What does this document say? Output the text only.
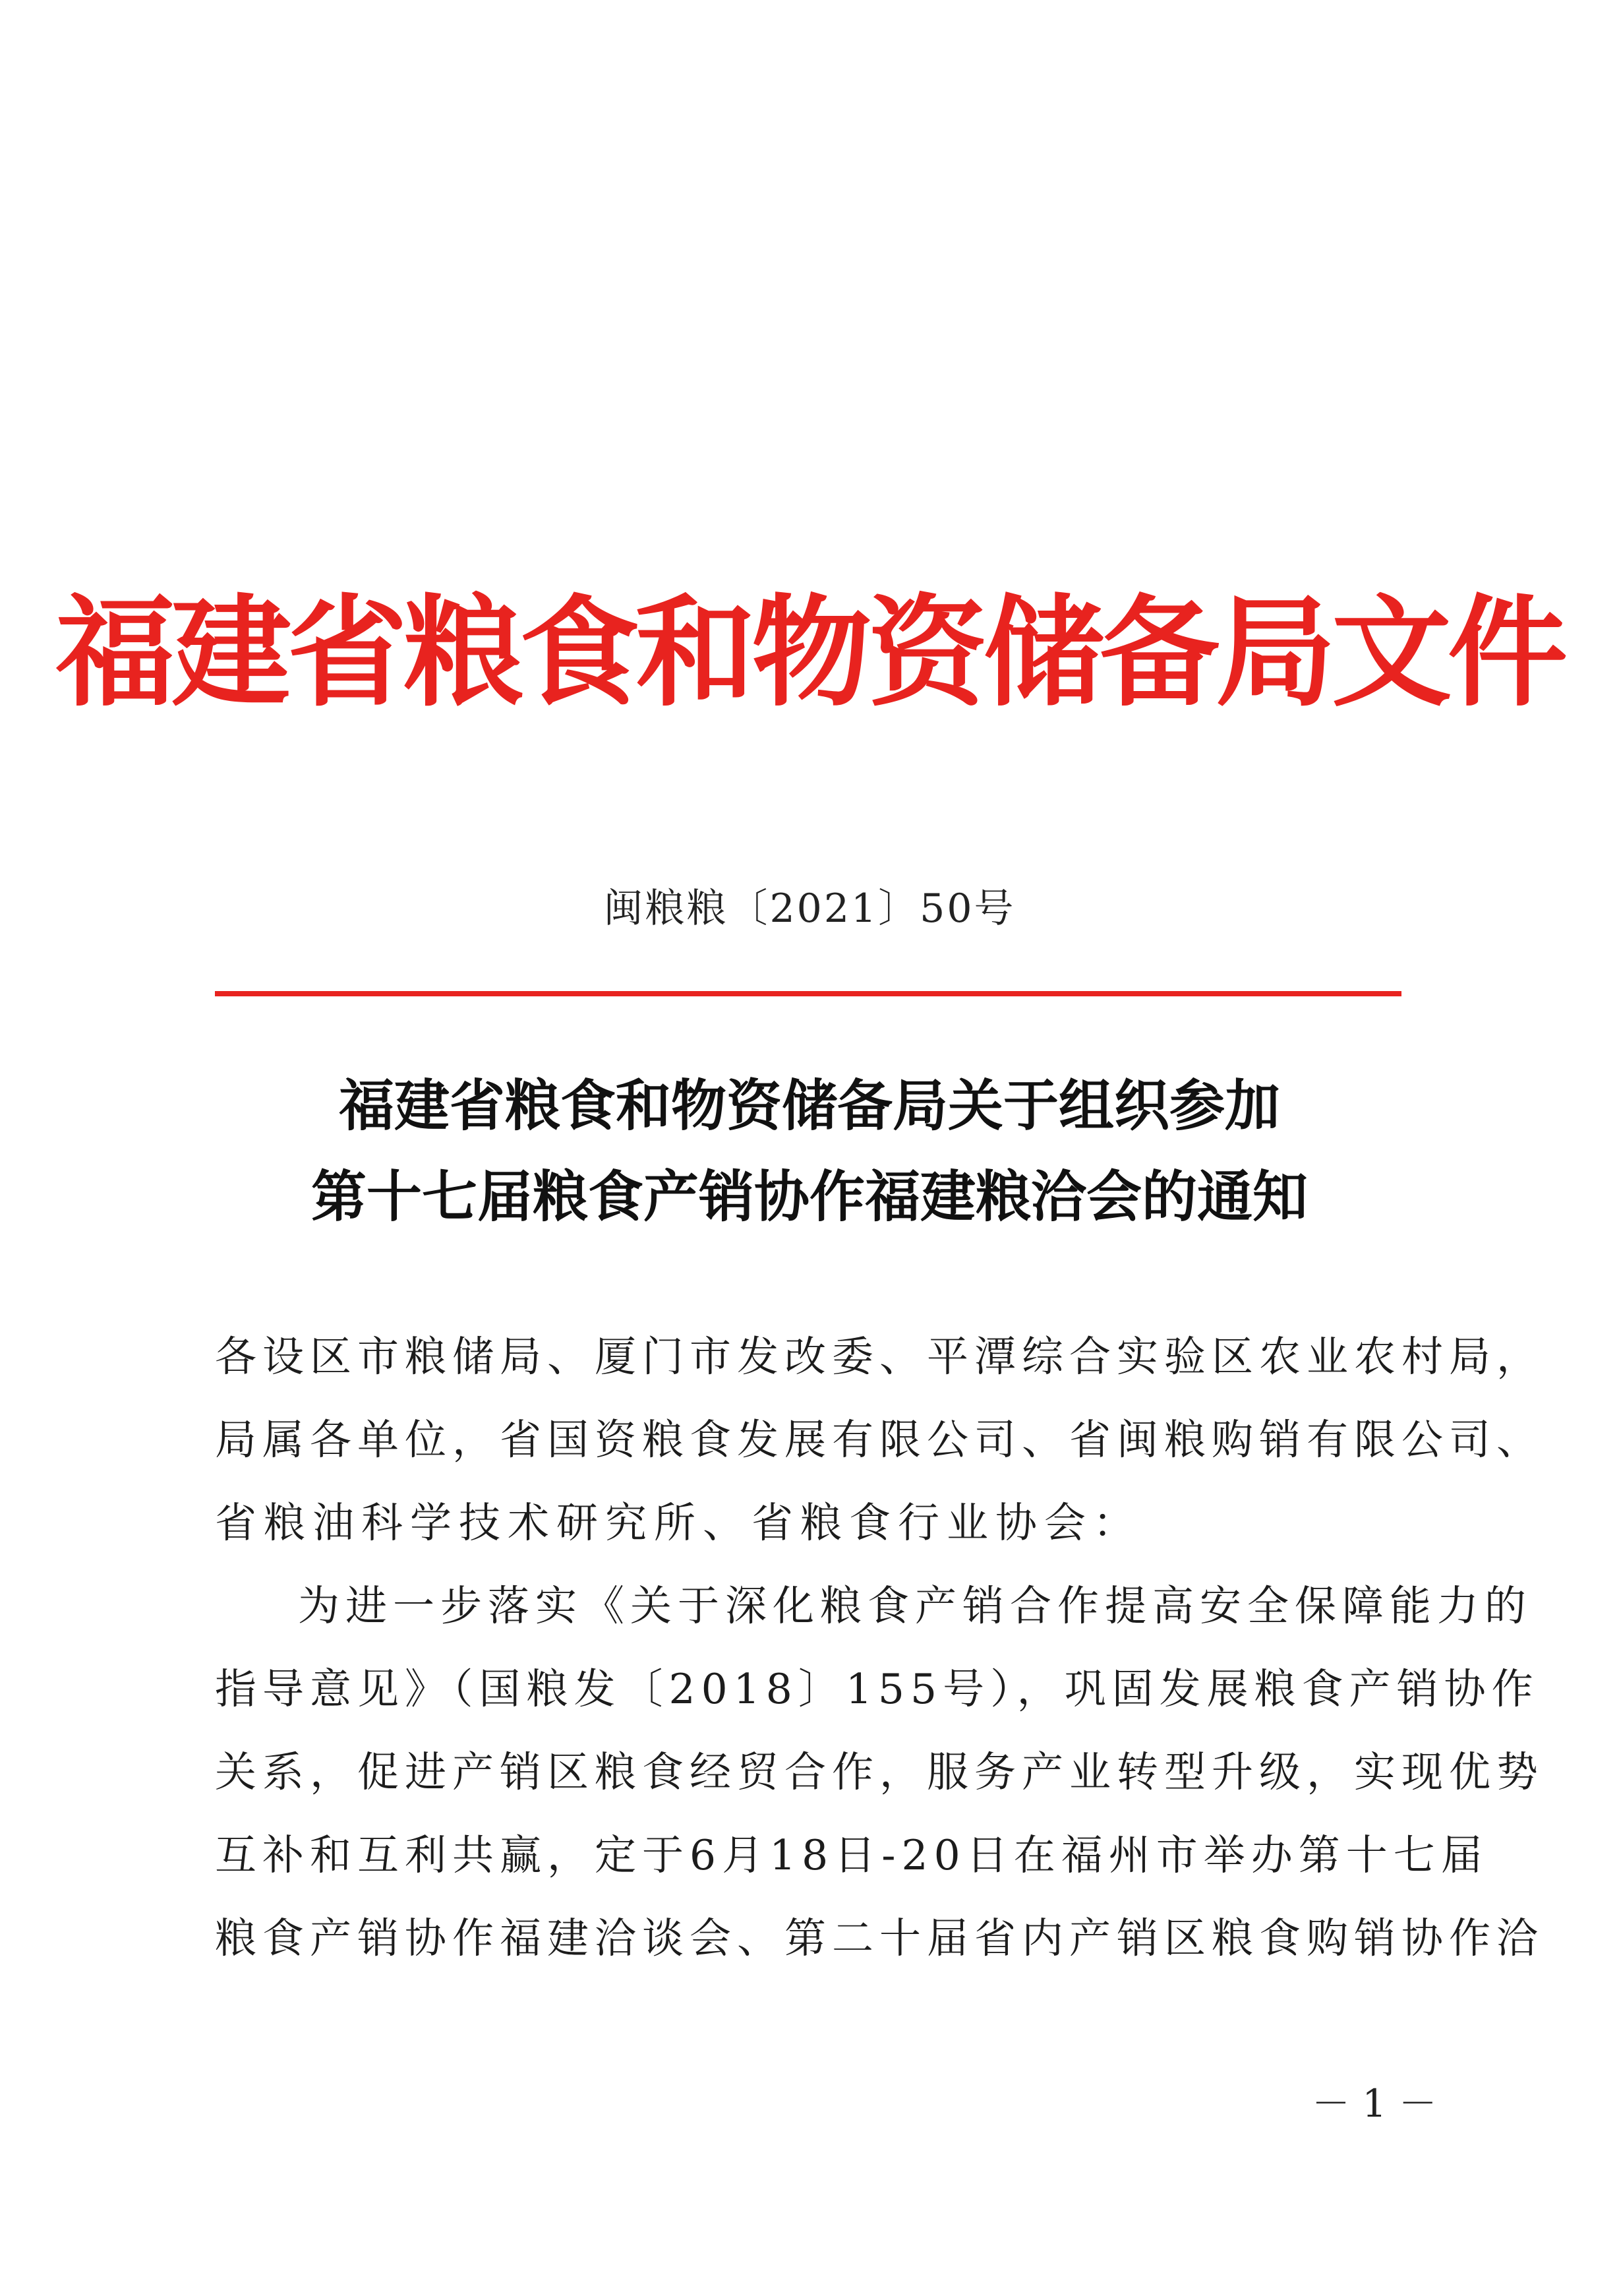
福建省粮食和物资储备局文件
闽粮粮〔2021〕50号
福建省粮食和物资储备局关于组织参加
第十七届粮食产销协作福建粮洽会的通知
各设区市粮储局、厦门市发改委、平潭综合实验区农业农村局，
局属各单位，省国资粮食发展有限公司、省闽粮购销有限公司、
省粮油科学技术研究所、省粮食行业协会：
为进一步落实《关于深化粮食产销合作提高安全保障能力的
指导意见》（国粮发〔2018〕155号），巩固发展粮食产销协作
关系，促进产销区粮食经贸合作，服务产业转型升级，实现优势
互补和互利共赢，定于6月18日-20日在福州市举办第十七届
粮食产销协作福建洽谈会、第二十届省内产销区粮食购销协作洽
－ 1 －
